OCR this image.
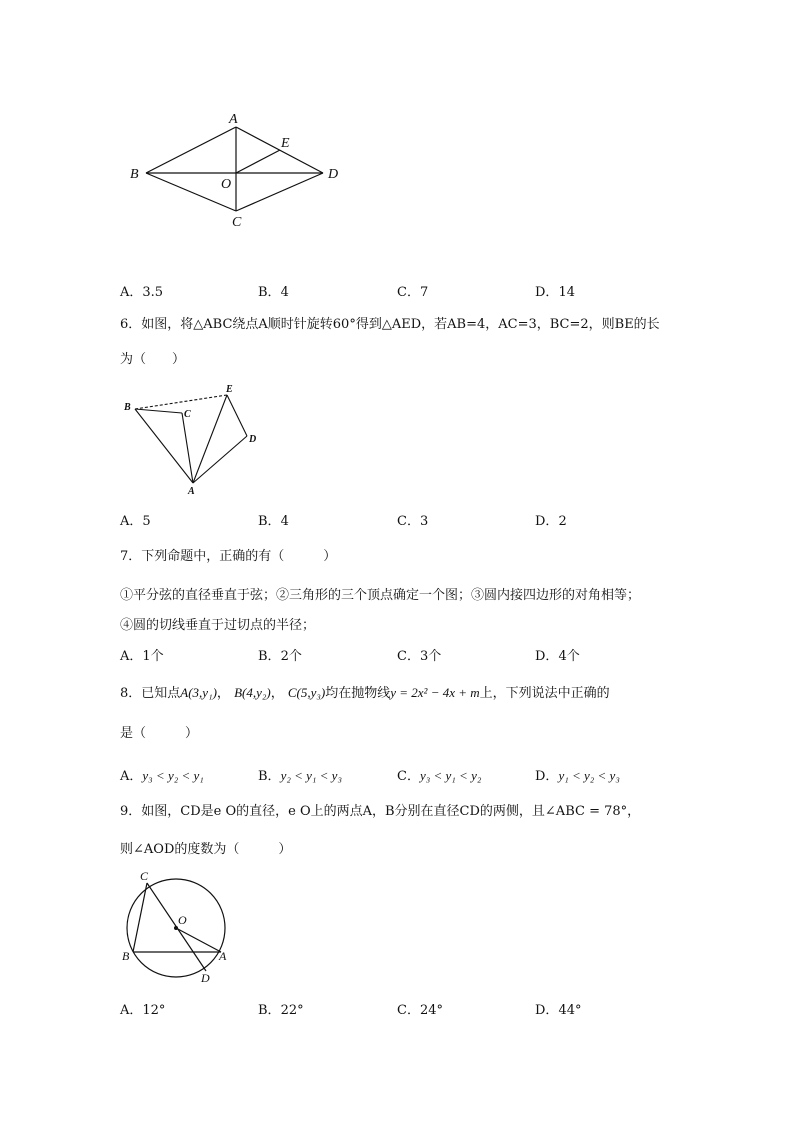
A
B
C
D
E
O
A．3.5	B．4	C．7	D．14
6．如图，将△ABC绕点A顺时针旋转60°得到△AED，若AB=4，AC=3，BC=2，则BE的长
为（　　）
B
C
E
D
A
A．5	B．4	C．3	D．2
7．下列命题中，正确的有（　　　）
①平分弦的直径垂直于弦；②三角形的三个顶点确定一个图；③圆内接四边形的对角相等；
④圆的切线垂直于过切点的半径；
A．1个	B．2个	C．3个	D．4个
8．已知点A(3,y₁)， B(4,y₂)， C(5,y₃)均在抛物线y = 2x² − 4x + m上，下列说法中正确的
是（　　　）
A．y₃ < y₂ < y₁	B．y₂ < y₁ < y₃	C．y₃ < y₁ < y₂	D．y₁ < y₂ < y₃
9．如图，CD是e O的直径，e O上的两点A，B分别在直径CD的两侧，且∠ABC = 78°，
则∠AOD的度数为（　　　）
C
O
B	A
D
A．12°	B．22°	C．24°	D．44°
